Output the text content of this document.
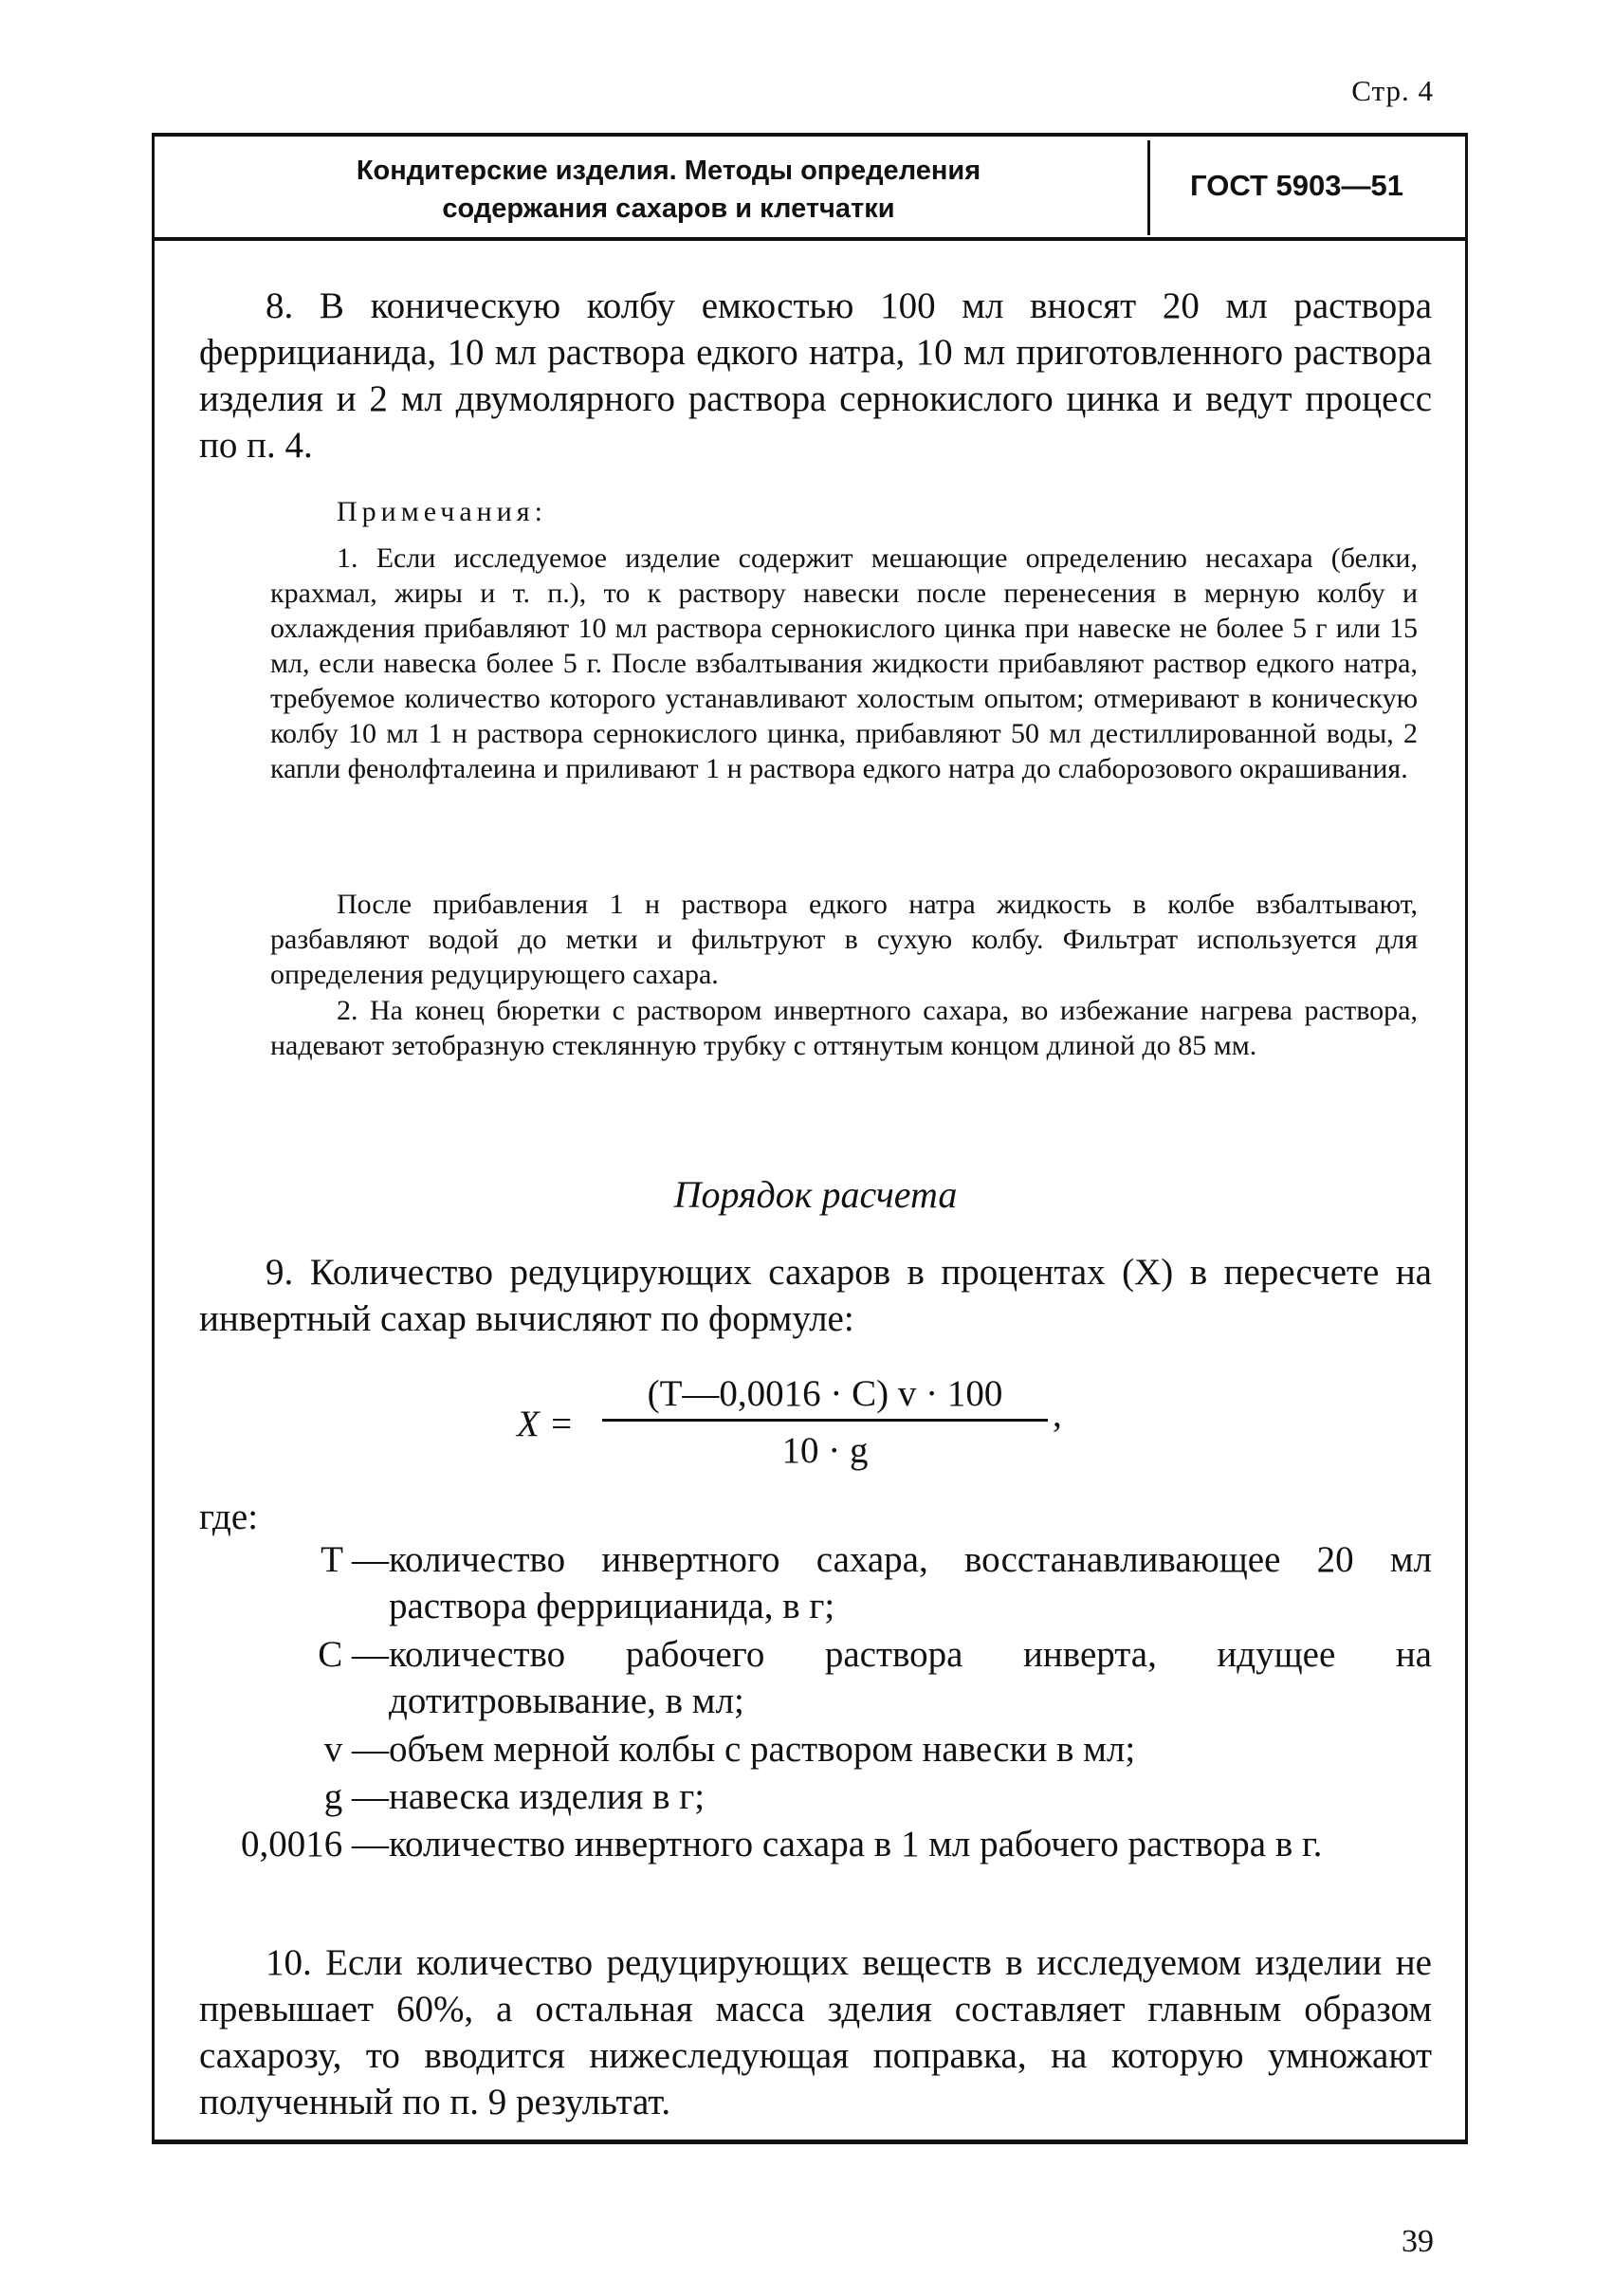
Стр. 4
Кондитерские изделия. Методы определения
содержания сахаров и клетчатки
ГОСТ 5903—51
8. В коническую колбу емкостью 100 мл вносят 20 мл раствора феррицианида, 10 мл раствора едкого натра, 10 мл приготовленного раствора изделия и 2 мл двумолярного раствора сернокислого цинка и ведут процесс по п. 4.
Примечания:
1. Если исследуемое изделие содержит мешающие определению несахара (белки, крахмал, жиры и т. п.), то к раствору навески после перенесения в мерную колбу и охлаждения прибавляют 10 мл раствора сернокислого цинка при навеске не более 5 г или 15 мл, если навеска более 5 г. После взбалтывания жидкости прибавляют раствор едкого натра, требуемое количество которого устанавливают холостым опытом; отмеривают в коническую колбу 10 мл 1 н раствора сернокислого цинка, прибавляют 50 мл дестиллированной воды, 2 капли фенолфталеина и приливают 1 н раствора едкого натра до слаборозового окрашивания.
После прибавления 1 н раствора едкого натра жидкость в колбе взбалтывают, разбавляют водой до метки и фильтруют в сухую колбу. Фильтрат используется для определения редуцирующего сахара.
2. На конец бюретки с раствором инвертного сахара, во избежание нагрева раствора, надевают зетобразную стеклянную трубку с оттянутым концом длиной до 85 мм.
Порядок расчета
9. Количество редуцирующих сахаров в процентах (X) в пересчете на инвертный сахар вычисляют по формуле:
X =
(T—0,0016 · C) v · 100
10 · g
,
где:
T — количество инвертного сахара, восстанавливающее 20 мл раствора феррицианида, в г;
C — количество рабочего раствора инверта, идущее на дотитровывание, в мл;
v — объем мерной колбы с раствором навески в мл;
g — навеска изделия в г;
0,0016 — количество инвертного сахара в 1 мл рабочего раствора в г.
10. Если количество редуцирующих веществ в исследуемом изделии не превышает 60%, а остальная масса зделия составляет главным образом сахарозу, то вводится нижеследующая поправка, на которую умножают полученный по п. 9 результат.
39
